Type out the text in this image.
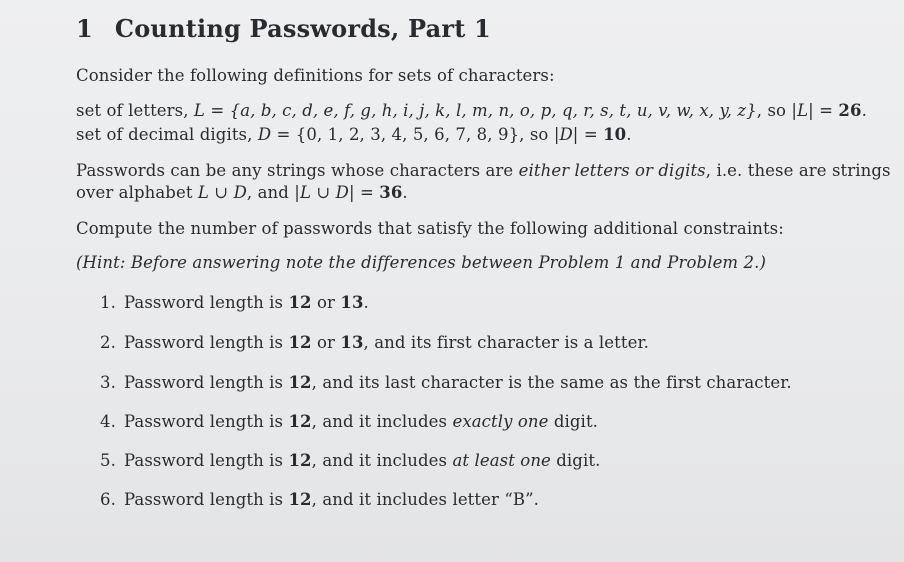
1 Counting Passwords, Part 1
Consider the following definitions for sets of characters:
set of letters, L = {a, b, c, d, e, f, g, h, i, j, k, l, m, n, o, p, q, r, s, t, u, v, w, x, y, z}, so |L| = 26.
set of decimal digits, D = {0, 1, 2, 3, 4, 5, 6, 7, 8, 9}, so |D| = 10.
Passwords can be any strings whose characters are either letters or digits, i.e. these are strings
over alphabet L ∪ D, and |L ∪ D| = 36.
Compute the number of passwords that satisfy the following additional constraints:
(Hint: Before answering note the differences between Problem 1 and Problem 2.)
1. Password length is 12 or 13.
2. Password length is 12 or 13, and its first character is a letter.
3. Password length is 12, and its last character is the same as the first character.
4. Password length is 12, and it includes exactly one digit.
5. Password length is 12, and it includes at least one digit.
6. Password length is 12, and it includes letter “B”.
